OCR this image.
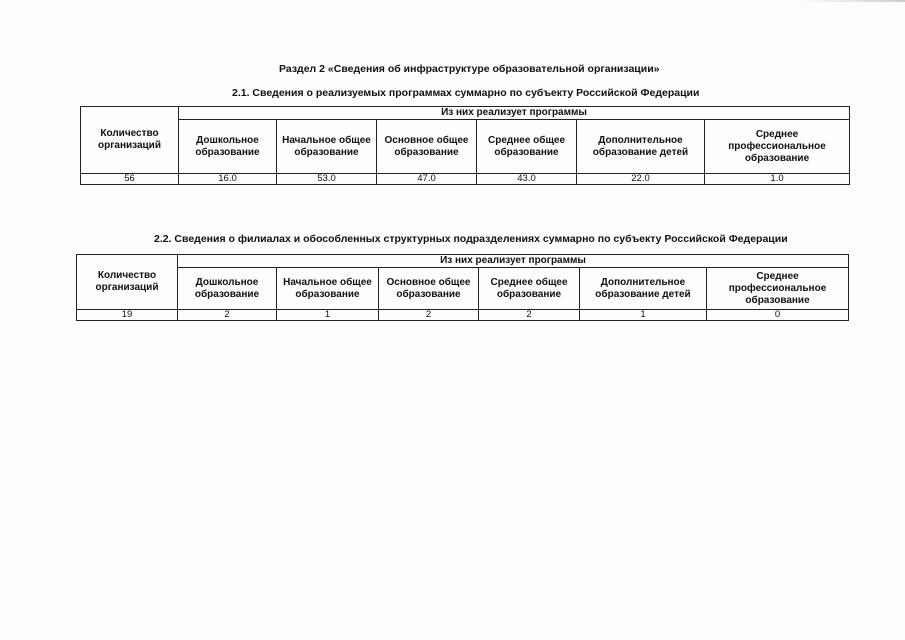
Раздел 2 «Сведения об инфраструктуре образовательной организации»
2.1. Сведения о реализуемых программах суммарно по субъекту Российской Федерации
Количество организаций	Из них реализует программы					
	Дошкольное образование	Начальное общее образование	Основное общее образование	Среднее общее образование	Дополнительное образование детей	Среднее профессиональное образование
56	16.0	53.0	47.0	43.0	22.0	1.0
2.2. Сведения о филиалах и обособленных структурных подразделениях суммарно по субъекту Российской Федерации
Количество организаций	Из них реализует программы					
	Дошкольное образование	Начальное общее образование	Основное общее образование	Среднее общее образование	Дополнительное образование детей	Среднее профессиональное образование
19	2	1	2	2	1	0
